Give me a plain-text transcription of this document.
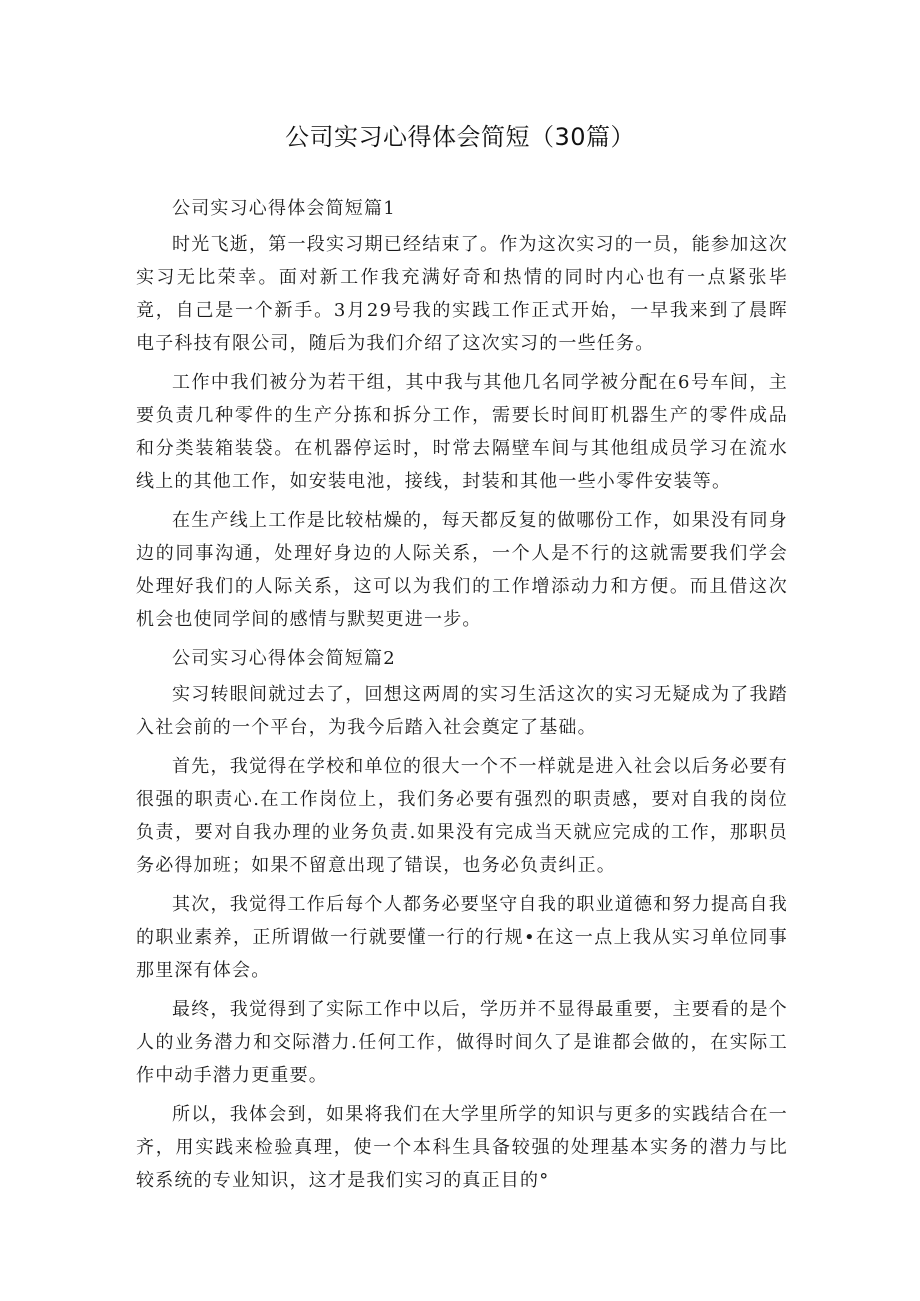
公司实习心得体会简短（30篇）

公司实习心得体会简短篇1

时光飞逝，第一段实习期已经结束了。作为这次实习的一员，能参加这次实习无比荣幸。面对新工作我充满好奇和热情的同时内心也有一点紧张毕竟，自己是一个新手。3月29号我的实践工作正式开始，一早我来到了晨晖电子科技有限公司，随后为我们介绍了这次实习的一些任务。

工作中我们被分为若干组，其中我与其他几名同学被分配在6号车间，主要负责几种零件的生产分拣和拆分工作，需要长时间盯机器生产的零件成品和分类装箱装袋。在机器停运时，时常去隔壁车间与其他组成员学习在流水线上的其他工作，如安装电池，接线，封装和其他一些小零件安装等。

在生产线上工作是比较枯燥的，每天都反复的做哪份工作，如果没有同身边的同事沟通，处理好身边的人际关系，一个人是不行的这就需要我们学会处理好我们的人际关系，这可以为我们的工作增添动力和方便。而且借这次机会也使同学间的感情与默契更进一步。

公司实习心得体会简短篇2

实习转眼间就过去了，回想这两周的实习生活这次的实习无疑成为了我踏入社会前的一个平台，为我今后踏入社会奠定了基础。

首先，我觉得在学校和单位的很大一个不一样就是进入社会以后务必要有很强的职责心.在工作岗位上，我们务必要有强烈的职责感，要对自我的岗位负责，要对自我办理的业务负责.如果没有完成当天就应完成的工作，那职员务必得加班；如果不留意出现了错误，也务必负责纠正。

其次，我觉得工作后每个人都务必要坚守自我的职业道德和努力提高自我的职业素养，正所谓做一行就要懂一行的行规•在这一点上我从实习单位同事那里深有体会。

最终，我觉得到了实际工作中以后，学历并不显得最重要，主要看的是个人的业务潜力和交际潜力.任何工作，做得时间久了是谁都会做的，在实际工作中动手潜力更重要。

所以，我体会到，如果将我们在大学里所学的知识与更多的实践结合在一齐，用实践来检验真理，使一个本科生具备较强的处理基本实务的潜力与比较系统的专业知识，这才是我们实习的真正目的°
